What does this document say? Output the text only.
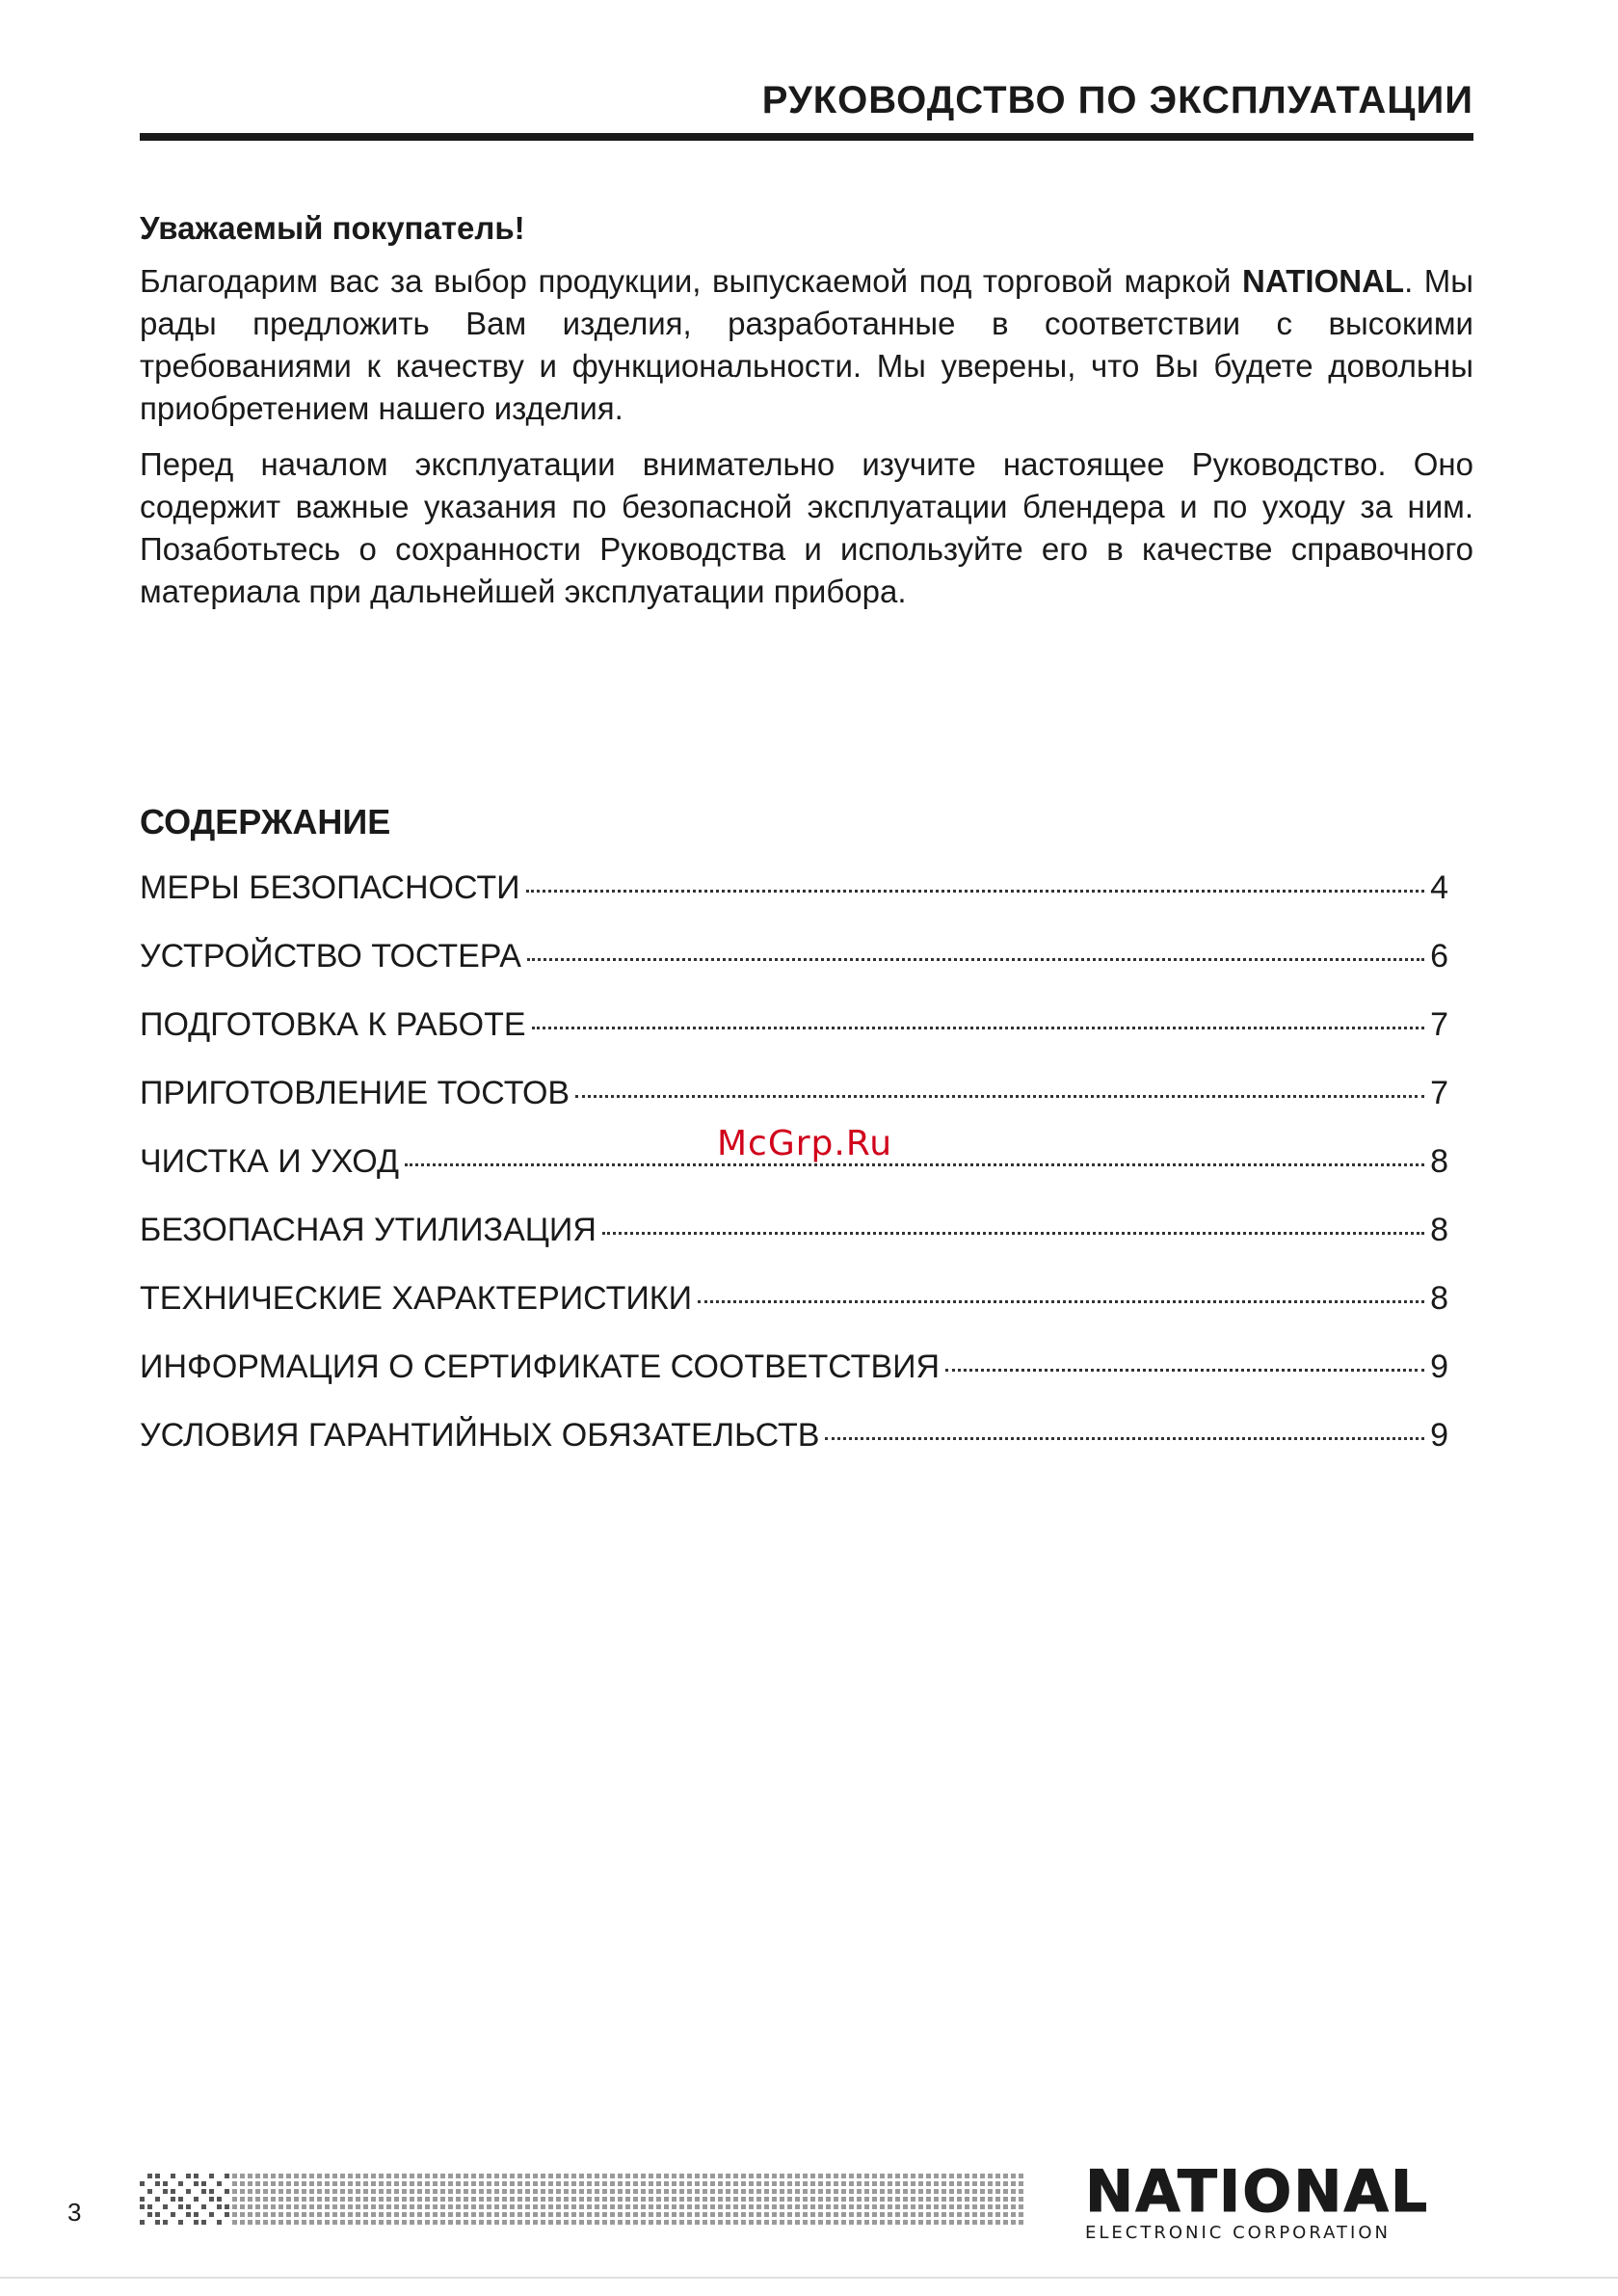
РУКОВОДСТВО ПО ЭКСПЛУАТАЦИИ
Уважаемый покупатель!
Благодарим вас за выбор продукции, выпускаемой под торговой маркой NATIONAL. Мы рады предложить Вам изделия, разработанные в соответствии с высокими требованиями к качеству и функциональности. Мы уверены, что Вы будете довольны приобретением нашего изделия.
Перед началом эксплуатации внимательно изучите настоящее Руководство. Оно содержит важные указания по безопасной эксплуатации блендера и по уходу за ним. Позаботьтесь о сохранности Руководства и используйте его в качестве справочного материала при дальнейшей эксплуатации прибора.
СОДЕРЖАНИЕ
МЕРЫ БЕЗОПАСНОСТИ	4
УСТРОЙСТВО ТОСТЕРА	6
ПОДГОТОВКА К РАБОТЕ	7
ПРИГОТОВЛЕНИЕ ТОСТОВ	7
ЧИСТКА И УХОД	8
БЕЗОПАСНАЯ УТИЛИЗАЦИЯ	8
ТЕХНИЧЕСКИЕ ХАРАКТЕРИСТИКИ	8
ИНФОРМАЦИЯ О СЕРТИФИКАТЕ СООТВЕТСТВИЯ	9
УСЛОВИЯ ГАРАНТИЙНЫХ ОБЯЗАТЕЛЬСТВ	9
McGrp.Ru
3	NATIONAL
ELECTRONIC CORPORATION
